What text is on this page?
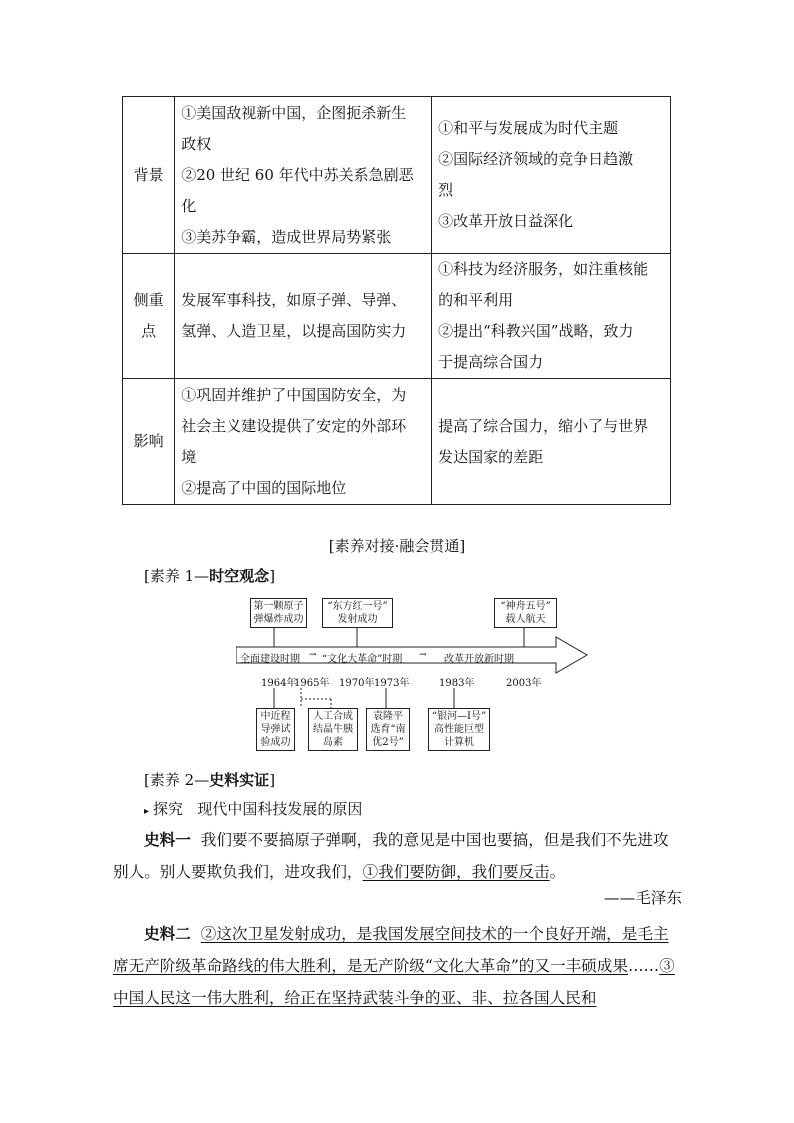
背景	①美国敌视新中国，企图扼杀新生
政权
②20 世纪 60 年代中苏关系急剧恶
化
③美苏争霸，造成世界局势紧张	①和平与发展成为时代主题
②国际经济领域的竞争日趋激
烈
③改革开放日益深化

侧重
点	发展军事科技，如原子弹、导弹、
氢弹、人造卫星，以提高国防实力	①科技为经济服务，如注重核能
的和平利用
②提出“科教兴国”战略，致力
于提高综合国力

影响	①巩固并维护了中国国防安全，为
社会主义建设提供了安定的外部环
境
②提高了中国的国际地位	提高了综合国力，缩小了与世界
发达国家的差距
[素养对接·融会贯通]
[素养 1—时空观念]
第一颗原子
弹爆炸成功
“东方红一号”
发射成功
“神舟五号”
载人航天
全面建设时期 → “文化大革命”时期 → 改革开放新时期
1964年
1965年 1970年 1973年	1983年	2003年
中近程
导弹试
验成功
人工合成
结晶牛胰
岛素
袁隆平
选育“南
优2号”
“银河—Ⅰ号”
高性能巨型
计算机
[素养 2—史料实证]
▸ 探究 现代中国科技发展的原因
史料一 我们要不要搞原子弹啊，我的意见是中国也要搞，但是我们不先进攻别人。别人要欺负我们，进攻我们，①我们要防御，我们要反击。
——毛泽东
史料二 ②这次卫星发射成功，是我国发展空间技术的一个良好开端，是毛主席无产阶级革命路线的伟大胜利，是无产阶级“文化大革命”的又一丰硕成果……③中国人民这一伟大胜利，给正在坚持武装斗争的亚、非、拉各国人民和
